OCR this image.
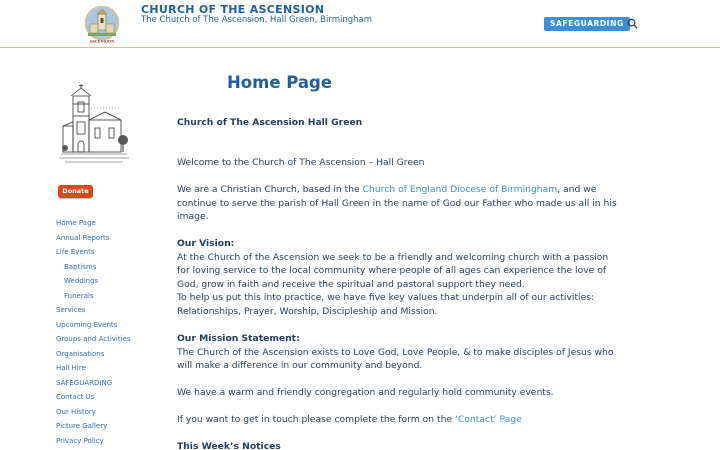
ASCENSION
CHURCH OF THE ASCENSION
The Church of The Ascension, Hall Green, Birmingham	SAFEGUARDING
Donate
Home Page
Annual Reports
Life Events
Baptisms
Weddings
Funerals
Services
Upcoming Events
Groups and Activities
Organisations
Hall Hire
SAFEGUARDING
Contact Us
Our History
Picture Gallery
Privacy Policy
Home Page
Church of The Ascension Hall Green
Welcome to the Church of The Ascension – Hall Green
We are a Christian Church, based in the Church of England Diocese of Birmingham, and we continue to serve the parish of Hall Green in the name of God our Father who made us all in his image.
Our Vision:
At the Church of the Ascension we seek to be a friendly and welcoming church with a passion for loving service to the local community where people of all ages can experience the love of God, grow in faith and receive the spiritual and pastoral support they need.
To help us put this into practice, we have five key values that underpin all of our activities: Relationships, Prayer, Worship, Discipleship and Mission.
Our Mission Statement:
The Church of the Ascension exists to Love God, Love People, & to make disciples of Jesus who will make a difference in our community and beyond.
We have a warm and friendly congregation and regularly hold community events.
If you want to get in touch please complete the form on the ‘Contact’ Page
This Week’s Notices
